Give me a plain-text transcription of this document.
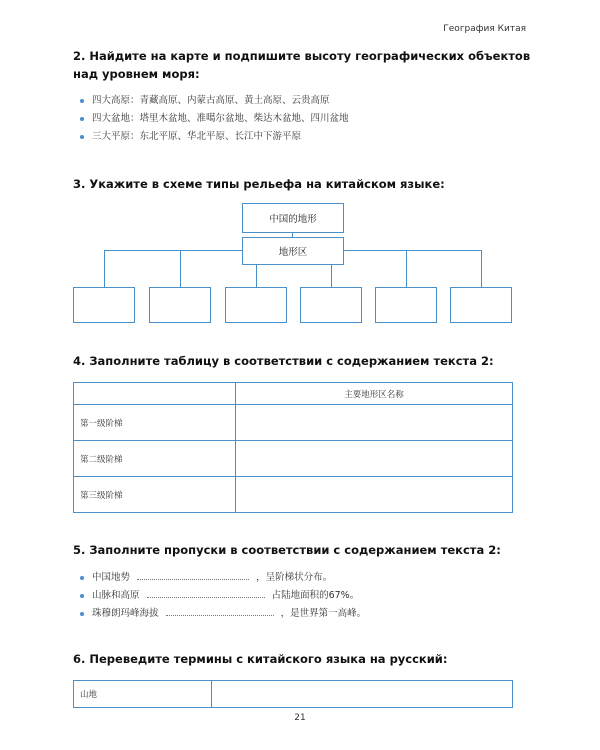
География Китая
2. Найдите на карте и подпишите высоту географических объектов над уровнем моря:
四大高原：青藏高原、内蒙古高原、黄土高原、云贵高原
四大盆地：塔里木盆地、准噶尔盆地、柴达木盆地、四川盆地
三大平原：东北平原、华北平原、长江中下游平原
3. Укажите в схеме типы рельефа на китайском языке:
中国的地形
地形区
4. Заполните таблицу в соответствии с содержанием текста 2:
	主要地形区名称
第一级阶梯	
第二级阶梯	
第三级阶梯	
5. Заполните пропуски в соответствии с содержанием текста 2:
中国地势	，呈阶梯状分布。
山脉和高原	占陆地面积的67%。
珠穆朗玛峰海拔	，是世界第一高峰。
6. Переведите термины с китайского языка на русский:
山地	
21
